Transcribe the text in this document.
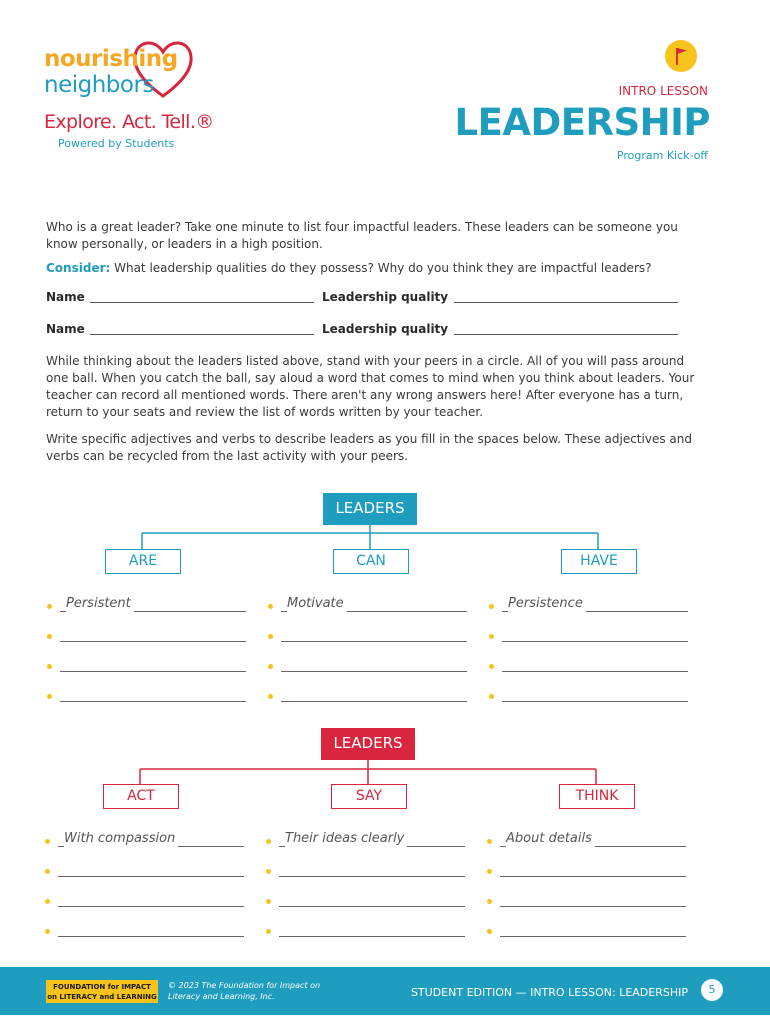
nourishing
neighbors
Explore. Act. Tell.®
Powered by Students
INTRO LESSON
LEADERSHIP
Program Kick-off
Who is a great leader? Take one minute to list four impactful leaders. These leaders can be someone you know personally, or leaders in a high position.
Consider: What leadership qualities do they possess? Why do you think they are impactful leaders?
Name	Leadership quality
Name	Leadership quality
While thinking about the leaders listed above, stand with your peers in a circle. All of you will pass around one ball. When you catch the ball, say aloud a word that comes to mind when you think about leaders. Your teacher can record all mentioned words. There aren't any wrong answers here! After everyone has a turn, return to your seats and review the list of words written by your teacher.
Write specific adjectives and verbs to describe leaders as you fill in the spaces below. These adjectives and verbs can be recycled from the last activity with your peers.
LEADERS
ARE	CAN	HAVE
Persistent	Motivate	Persistence
LEADERS
ACT	SAY	THINK
With compassion	Their ideas clearly	About details
FOUNDATION for IMPACT
on LITERACY and LEARNING
© 2023 The Foundation for Impact on Literacy and Learning, Inc.	STUDENT EDITION — INTRO LESSON: LEADERSHIP	5
